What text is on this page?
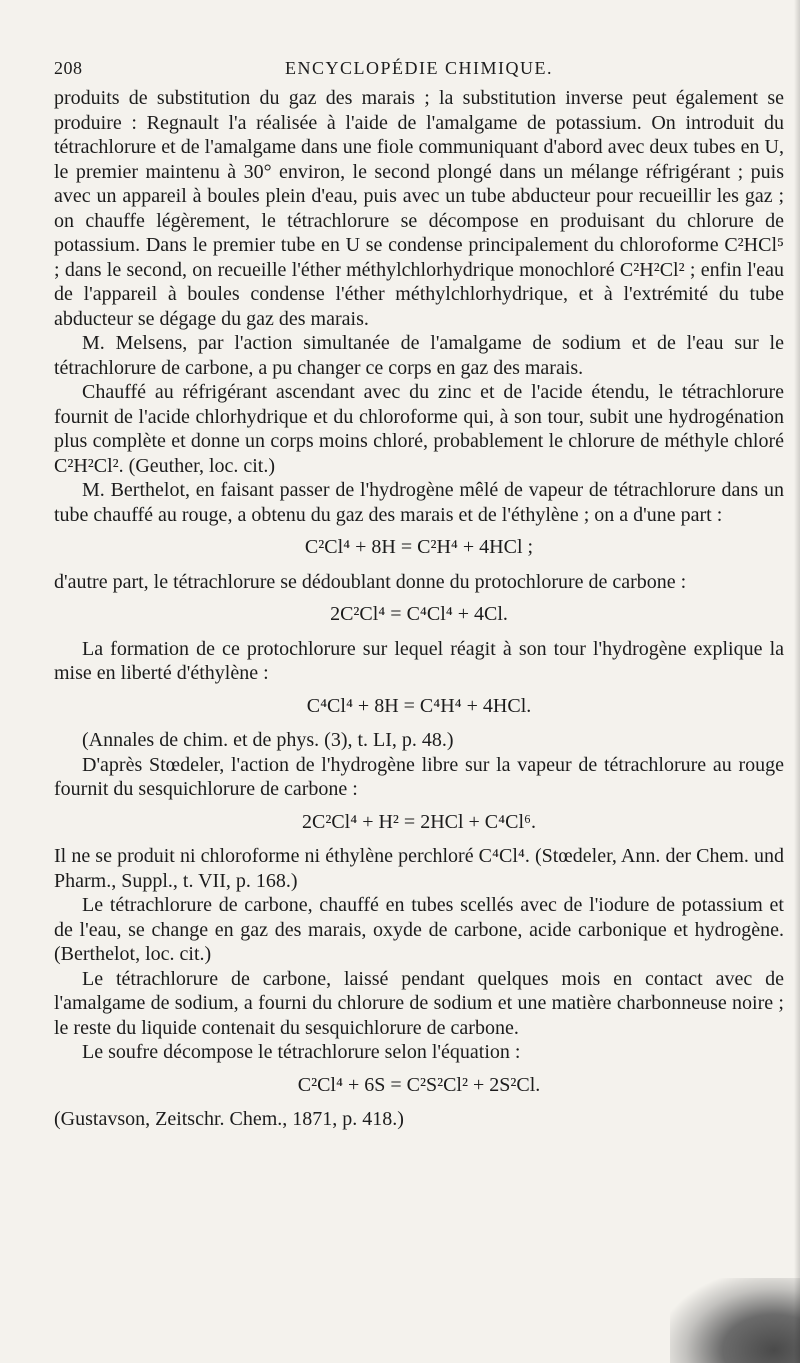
208	ENCYCLOPÉDIE CHIMIQUE.

produits de substitution du gaz des marais ; la substitution inverse peut également se produire : Regnault l'a réalisée à l'aide de l'amalgame de potassium. On introduit du tétrachlorure et de l'amalgame dans une fiole communiquant d'abord avec deux tubes en U, le premier maintenu à 30° environ, le second plongé dans un mélange réfrigérant ; puis avec un appareil à boules plein d'eau, puis avec un tube abducteur pour recueillir les gaz ; on chauffe légèrement, le tétrachlorure se décompose en produisant du chlorure de potassium. Dans le premier tube en U se condense principalement du chloroforme C²HCl⁵ ; dans le second, on recueille l'éther méthylchlorhydrique monochloré C²H²Cl² ; enfin l'eau de l'appareil à boules condense l'éther méthylchlorhydrique, et à l'extrémité du tube abducteur se dégage du gaz des marais.

M. Melsens, par l'action simultanée de l'amalgame de sodium et de l'eau sur le tétrachlorure de carbone, a pu changer ce corps en gaz des marais.

Chauffé au réfrigérant ascendant avec du zinc et de l'acide étendu, le tétrachlorure fournit de l'acide chlorhydrique et du chloroforme qui, à son tour, subit une hydrogénation plus complète et donne un corps moins chloré, probablement le chlorure de méthyle chloré C²H²Cl². (Geuther, loc. cit.)

M. Berthelot, en faisant passer de l'hydrogène mêlé de vapeur de tétrachlorure dans un tube chauffé au rouge, a obtenu du gaz des marais et de l'éthylène ; on a d'une part :

C²Cl⁴ + 8H = C²H⁴ + 4HCl ;

d'autre part, le tétrachlorure se dédoublant donne du protochlorure de carbone :

2C²Cl⁴ = C⁴Cl⁴ + 4Cl.

La formation de ce protochlorure sur lequel réagit à son tour l'hydrogène explique la mise en liberté d'éthylène :

C⁴Cl⁴ + 8H = C⁴H⁴ + 4HCl.

(Annales de chim. et de phys. (3), t. LI, p. 48.)

D'après Stœdeler, l'action de l'hydrogène libre sur la vapeur de tétrachlorure au rouge fournit du sesquichlorure de carbone :

2C²Cl⁴ + H² = 2HCl + C⁴Cl⁶.

Il ne se produit ni chloroforme ni éthylène perchloré C⁴Cl⁴. (Stœdeler, Ann. der Chem. und Pharm., Suppl., t. VII, p. 168.)

Le tétrachlorure de carbone, chauffé en tubes scellés avec de l'iodure de potassium et de l'eau, se change en gaz des marais, oxyde de carbone, acide carbonique et hydrogène. (Berthelot, loc. cit.)

Le tétrachlorure de carbone, laissé pendant quelques mois en contact avec de l'amalgame de sodium, a fourni du chlorure de sodium et une matière charbonneuse noire ; le reste du liquide contenait du sesquichlorure de carbone.

Le soufre décompose le tétrachlorure selon l'équation :

C²Cl⁴ + 6S = C²S²Cl² + 2S²Cl.

(Gustavson, Zeitschr. Chem., 1871, p. 418.)
